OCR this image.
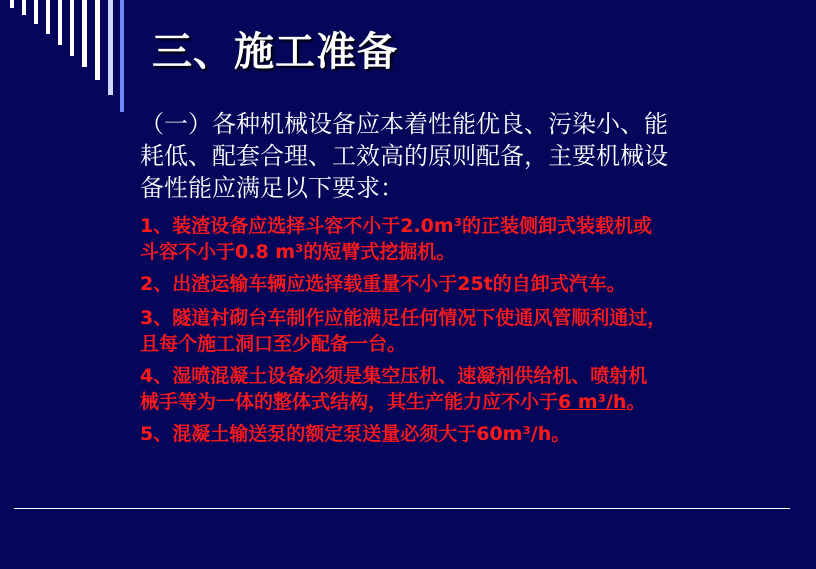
三、施工准备
（一）各种机械设备应本着性能优良、污染小、能
耗低、配套合理、工效高的原则配备，主要机械设
备性能应满足以下要求：
1、装渣设备应选择斗容不小于2.0m³的正装侧卸式装载机或
斗容不小于0.8 m³的短臂式挖掘机。
2、出渣运输车辆应选择载重量不小于25t的自卸式汽车。
3、隧道衬砌台车制作应能满足任何情况下使通风管顺利通过，
且每个施工洞口至少配备一台。
4、湿喷混凝土设备必须是集空压机、速凝剂供给机、喷射机
械手等为一体的整体式结构，其生产能力应不小于6 m³/h。
5、混凝土输送泵的额定泵送量必须大于60m³/h。
